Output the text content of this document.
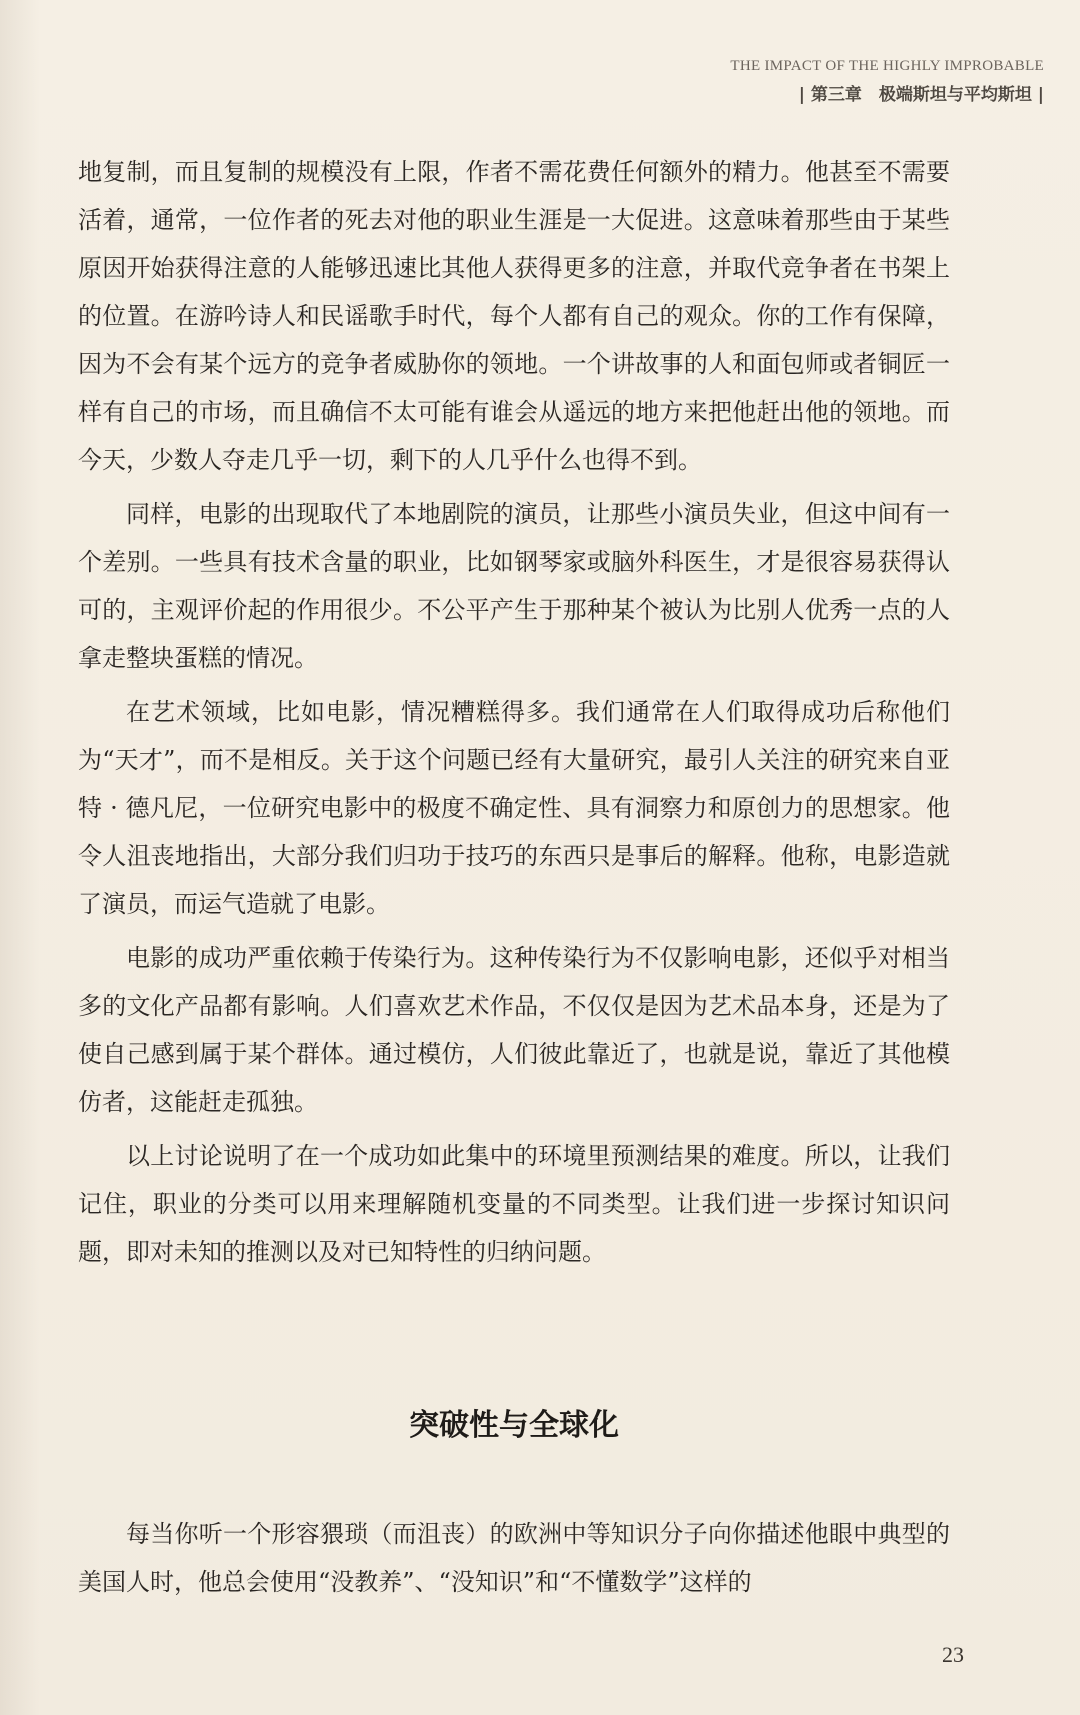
THE IMPACT OF THE HIGHLY IMPROBABLE
| 第三章　极端斯坦与平均斯坦 |

地复制，而且复制的规模没有上限，作者不需花费任何额外的精力。他甚至不需要活着，通常，一位作者的死去对他的职业生涯是一大促进。这意味着那些由于某些原因开始获得注意的人能够迅速比其他人获得更多的注意，并取代竞争者在书架上的位置。在游吟诗人和民谣歌手时代，每个人都有自己的观众。你的工作有保障，因为不会有某个远方的竞争者威胁你的领地。一个讲故事的人和面包师或者铜匠一样有自己的市场，而且确信不太可能有谁会从遥远的地方来把他赶出他的领地。而今天，少数人夺走几乎一切，剩下的人几乎什么也得不到。

同样，电影的出现取代了本地剧院的演员，让那些小演员失业，但这中间有一个差别。一些具有技术含量的职业，比如钢琴家或脑外科医生，才是很容易获得认可的，主观评价起的作用很少。不公平产生于那种某个被认为比别人优秀一点的人拿走整块蛋糕的情况。

在艺术领域，比如电影，情况糟糕得多。我们通常在人们取得成功后称他们为“天才”，而不是相反。关于这个问题已经有大量研究，最引人关注的研究来自亚特 · 德凡尼，一位研究电影中的极度不确定性、具有洞察力和原创力的思想家。他令人沮丧地指出，大部分我们归功于技巧的东西只是事后的解释。他称，电影造就了演员，而运气造就了电影。

电影的成功严重依赖于传染行为。这种传染行为不仅影响电影，还似乎对相当多的文化产品都有影响。人们喜欢艺术作品，不仅仅是因为艺术品本身，还是为了使自己感到属于某个群体。通过模仿，人们彼此靠近了，也就是说，靠近了其他模仿者，这能赶走孤独。

以上讨论说明了在一个成功如此集中的环境里预测结果的难度。所以，让我们记住，职业的分类可以用来理解随机变量的不同类型。让我们进一步探讨知识问题，即对未知的推测以及对已知特性的归纳问题。

突破性与全球化
每当你听一个形容猥琐（而沮丧）的欧洲中等知识分子向你描述他眼中典型的美国人时，他总会使用“没教养”、“没知识”和“不懂数学”这样的
23
